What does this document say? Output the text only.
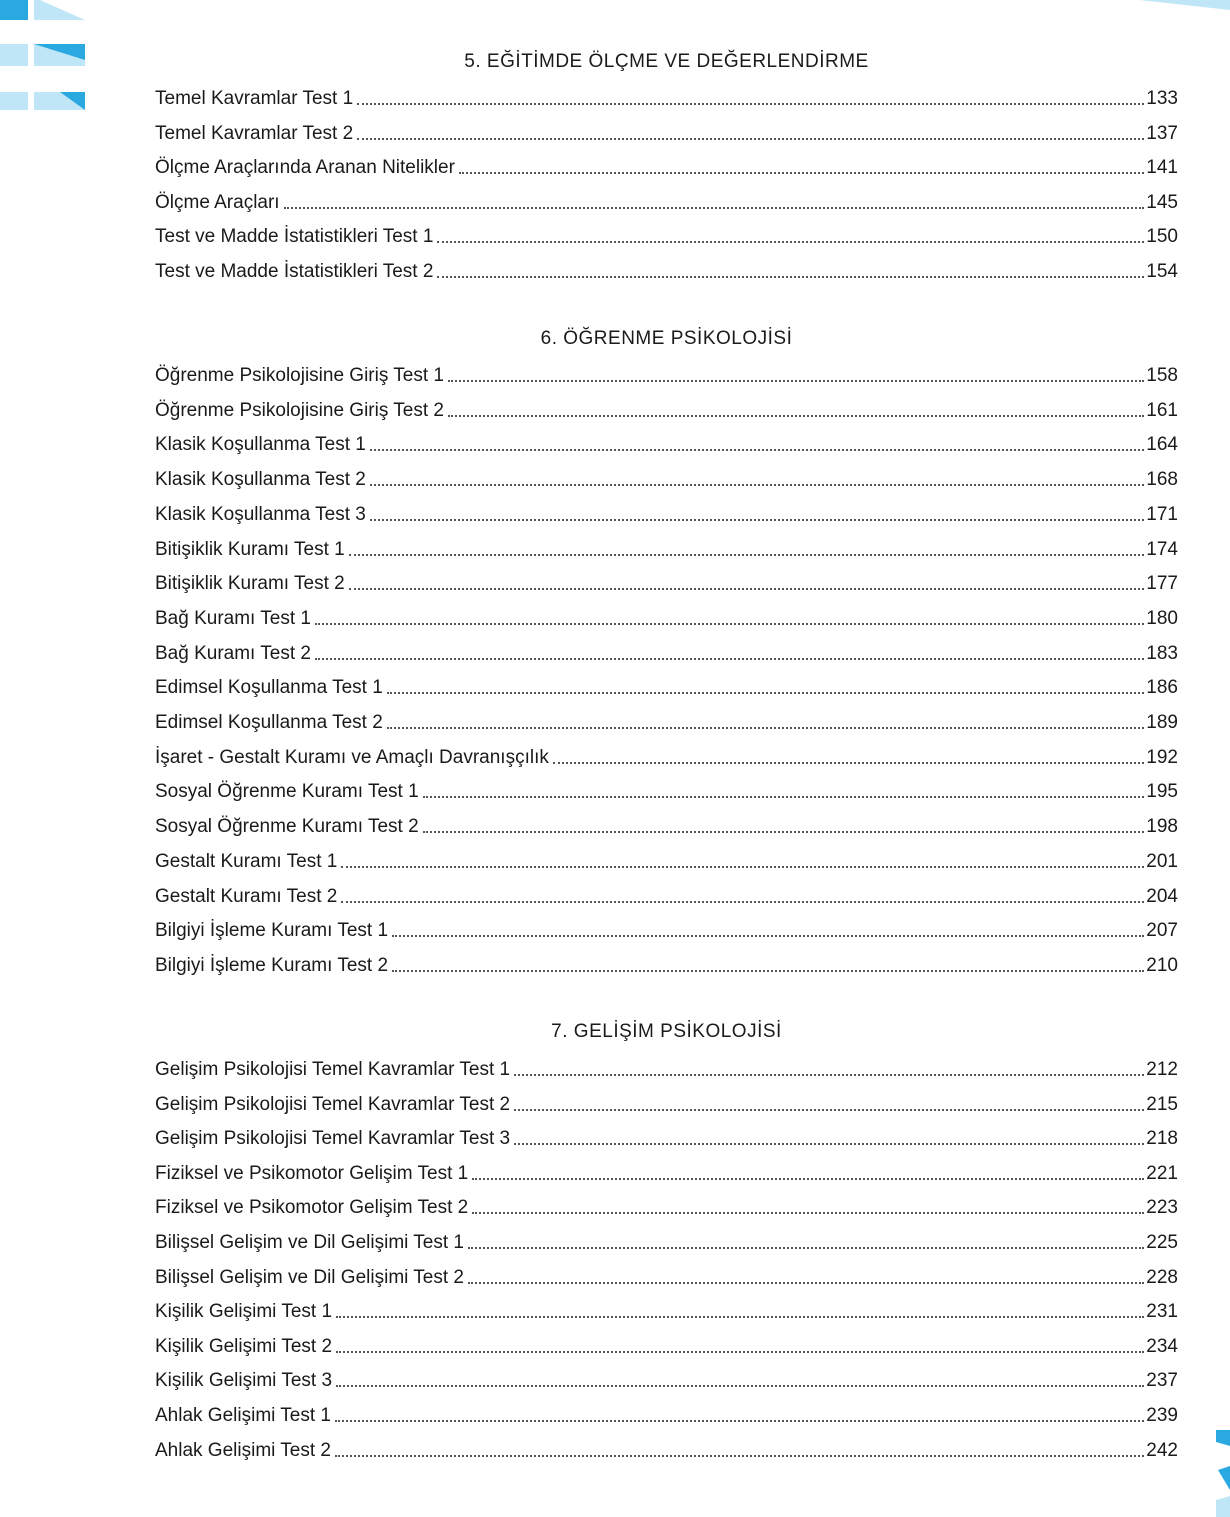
5. EĞİTİMDE ÖLÇME VE DEĞERLENDİRME
Temel Kavramlar Test 1	133
Temel Kavramlar Test 2	137
Ölçme Araçlarında Aranan Nitelikler	141
Ölçme Araçları	145
Test ve Madde İstatistikleri Test 1	150
Test ve Madde İstatistikleri Test 2	154
6. ÖĞRENME PSİKOLOJİSİ
Öğrenme Psikolojisine Giriş Test 1	158
Öğrenme Psikolojisine Giriş Test 2	161
Klasik Koşullanma Test 1	164
Klasik Koşullanma Test 2	168
Klasik Koşullanma Test 3	171
Bitişiklik Kuramı Test 1	174
Bitişiklik Kuramı Test 2	177
Bağ Kuramı Test 1	180
Bağ Kuramı Test 2	183
Edimsel Koşullanma Test 1	186
Edimsel Koşullanma Test 2	189
İşaret - Gestalt Kuramı ve Amaçlı Davranışçılık	192
Sosyal Öğrenme Kuramı Test 1	195
Sosyal Öğrenme Kuramı Test 2	198
Gestalt Kuramı Test 1	201
Gestalt Kuramı Test 2	204
Bilgiyi İşleme Kuramı Test 1	207
Bilgiyi İşleme Kuramı Test 2	210
7. GELİŞİM PSİKOLOJİSİ
Gelişim Psikolojisi Temel Kavramlar Test 1	212
Gelişim Psikolojisi Temel Kavramlar Test 2	215
Gelişim Psikolojisi Temel Kavramlar Test 3	218
Fiziksel ve Psikomotor Gelişim Test 1	221
Fiziksel ve Psikomotor Gelişim Test 2	223
Bilişsel Gelişim ve Dil Gelişimi Test 1	225
Bilişsel Gelişim ve Dil Gelişimi Test 2	228
Kişilik Gelişimi Test 1	231
Kişilik Gelişimi Test 2	234
Kişilik Gelişimi Test 3	237
Ahlak Gelişimi Test 1	239
Ahlak Gelişimi Test 2	242
